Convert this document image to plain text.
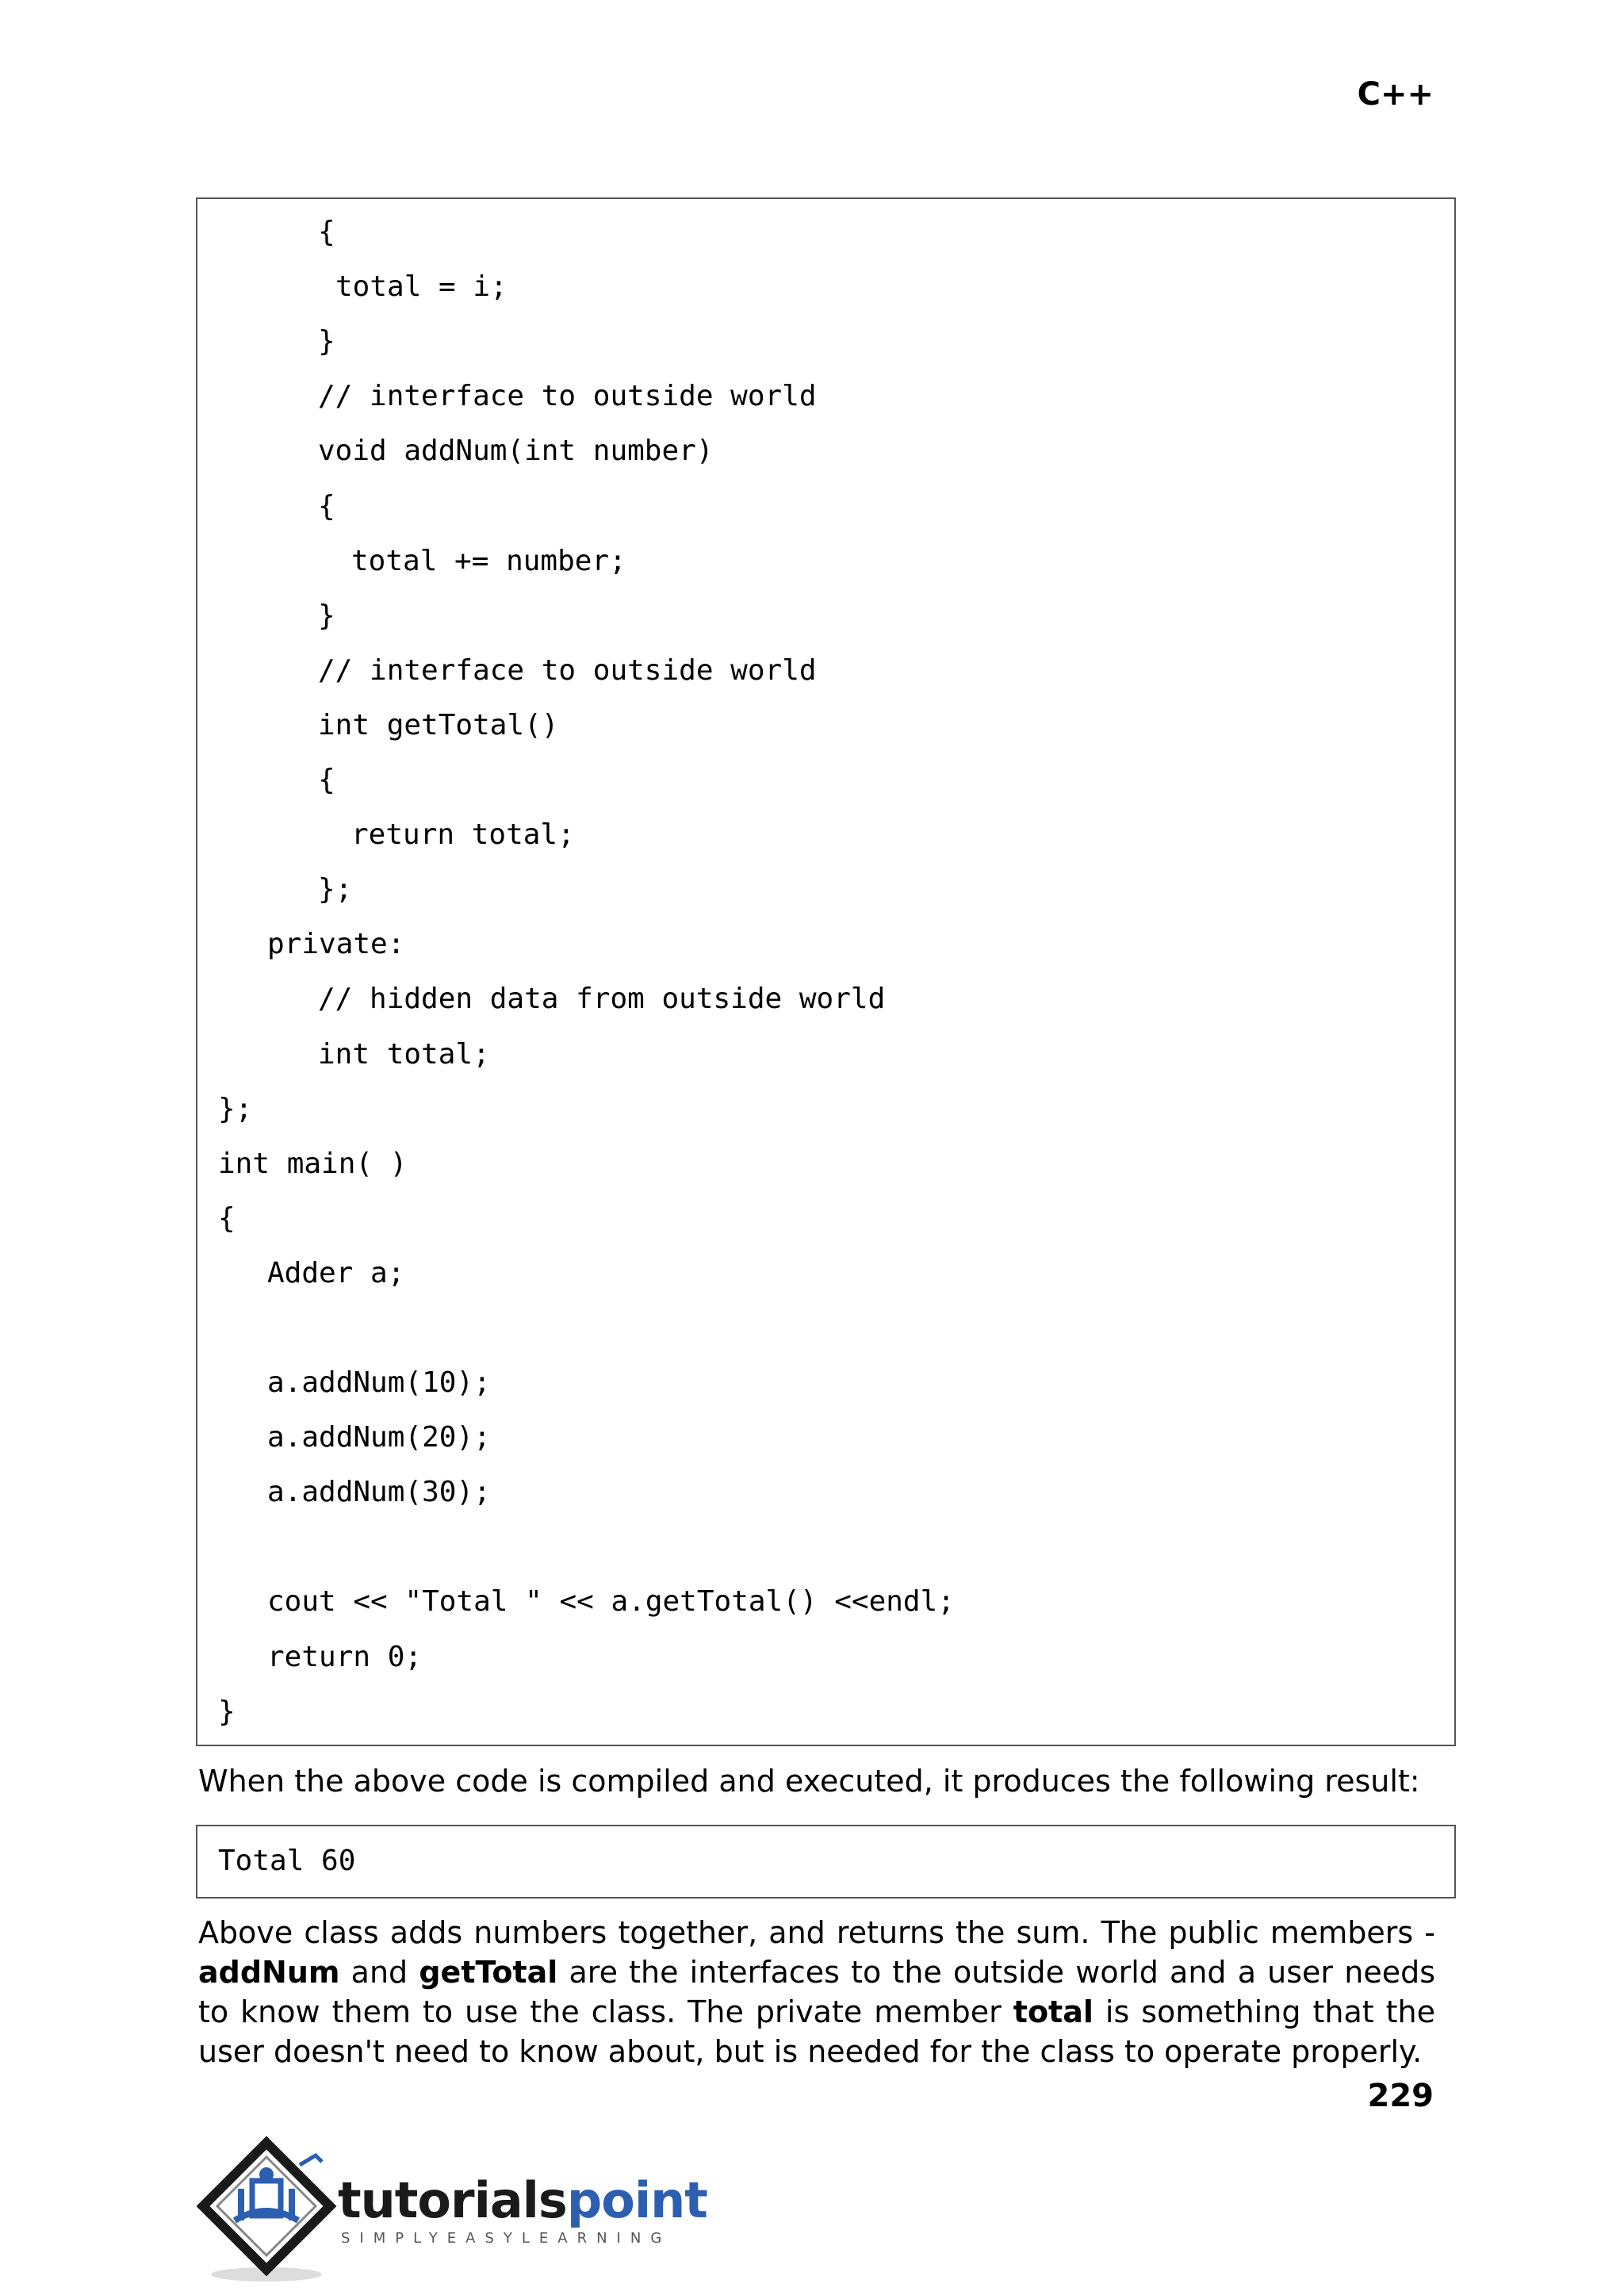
C++
{
total = i;
}
// interface to outside world
void addNum(int number)
{
total += number;
}
// interface to outside world
int getTotal()
{
return total;
};
private:
// hidden data from outside world
int total;
};
int main( )
{
Adder a;
a.addNum(10);
a.addNum(20);
a.addNum(30);
cout << "Total " << a.getTotal() <<endl;
return 0;
}
When the above code is compiled and executed, it produces the following result:
Total 60
Above class adds numbers together, and returns the sum. The public members - addNum and getTotal are the interfaces to the outside world and a user needs to know them to use the class. The private member total is something that the user doesn't need to know about, but is needed for the class to operate properly.
229
tutorialspoint
SIMPLYEASYLEARNING
